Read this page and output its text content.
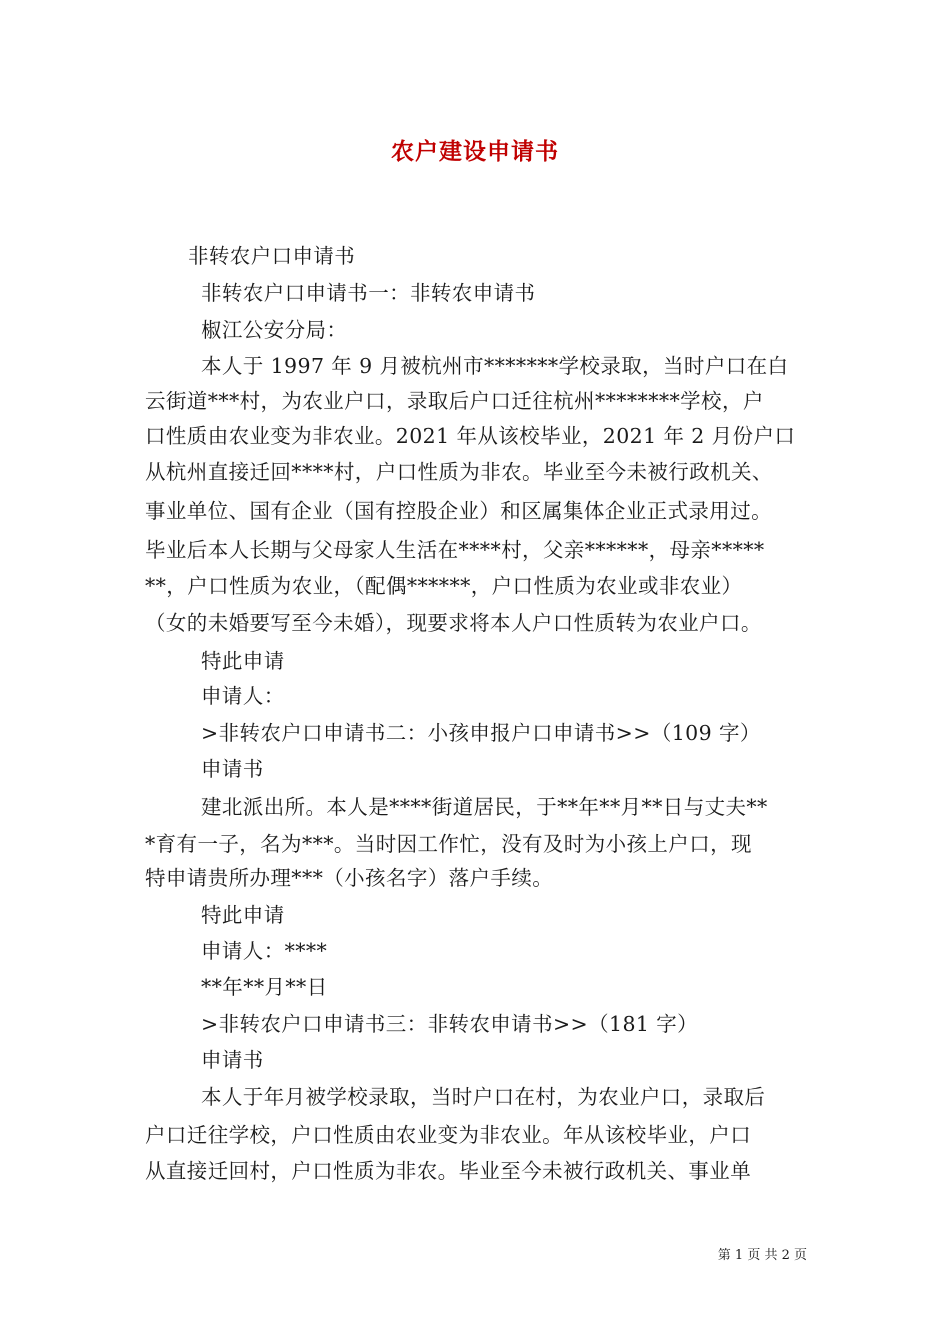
农户建设申请书
非转农户口申请书
非转农户口申请书一：非转农申请书
椒江公安分局：
本人于 1997 年 9 月被杭州市*******学校录取，当时户口在白
云街道***村，为农业户口，录取后户口迁往杭州********学校，户
口性质由农业变为非农业。2021 年从该校毕业，2021 年 2 月份户口
从杭州直接迁回****村，户口性质为非农。毕业至今未被行政机关、
事业单位、国有企业（国有控股企业）和区属集体企业正式录用过。
毕业后本人长期与父母家人生活在****村，父亲******，母亲*****
**，户口性质为农业，（配偶******，户口性质为农业或非农业）
（女的未婚要写至今未婚），现要求将本人户口性质转为农业户口。
特此申请
申请人：
>非转农户口申请书二：小孩申报户口申请书>>（109 字）
申请书
建北派出所。本人是****街道居民，于**年**月**日与丈夫**
*育有一子，名为***。当时因工作忙，没有及时为小孩上户口，现
特申请贵所办理***（小孩名字）落户手续。
特此申请
申请人：****
**年**月**日
>非转农户口申请书三：非转农申请书>>（181 字）
申请书
本人于年月被学校录取，当时户口在村，为农业户口，录取后
户口迁往学校，户口性质由农业变为非农业。年从该校毕业，户口
从直接迁回村，户口性质为非农。毕业至今未被行政机关、事业单
第 1 页 共 2 页
